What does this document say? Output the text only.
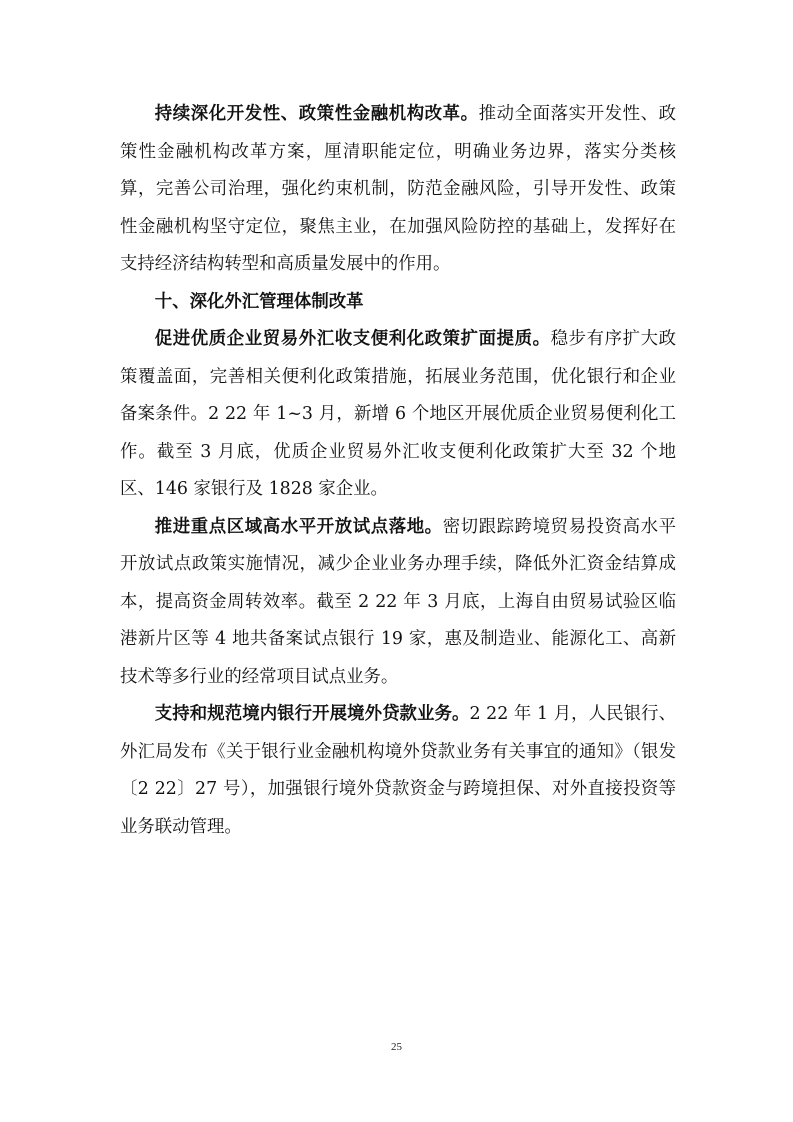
持续深化开发性、政策性金融机构改革。推动全面落实开发性、政策性金融机构改革方案，厘清职能定位，明确业务边界，落实分类核算，完善公司治理，强化约束机制，防范金融风险，引导开发性、政策性金融机构坚守定位，聚焦主业，在加强风险防控的基础上，发挥好在支持经济结构转型和高质量发展中的作用。

十、深化外汇管理体制改革

促进优质企业贸易外汇收支便利化政策扩面提质。稳步有序扩大政策覆盖面，完善相关便利化政策措施，拓展业务范围，优化银行和企业备案条件。2 22 年 1~3 月，新增 6 个地区开展优质企业贸易便利化工作。截至 3 月底，优质企业贸易外汇收支便利化政策扩大至 32 个地区、146 家银行及 1828 家企业。

推进重点区域高水平开放试点落地。密切跟踪跨境贸易投资高水平开放试点政策实施情况，减少企业业务办理手续，降低外汇资金结算成本，提高资金周转效率。截至 2 22 年 3 月底，上海自由贸易试验区临港新片区等 4 地共备案试点银行 19 家，惠及制造业、能源化工、高新技术等多行业的经常项目试点业务。

支持和规范境内银行开展境外贷款业务。2 22 年 1 月，人民银行、外汇局发布《关于银行业金融机构境外贷款业务有关事宜的通知》（银发〔2 22〕27 号），加强银行境外贷款资金与跨境担保、对外直接投资等业务联动管理。

25
